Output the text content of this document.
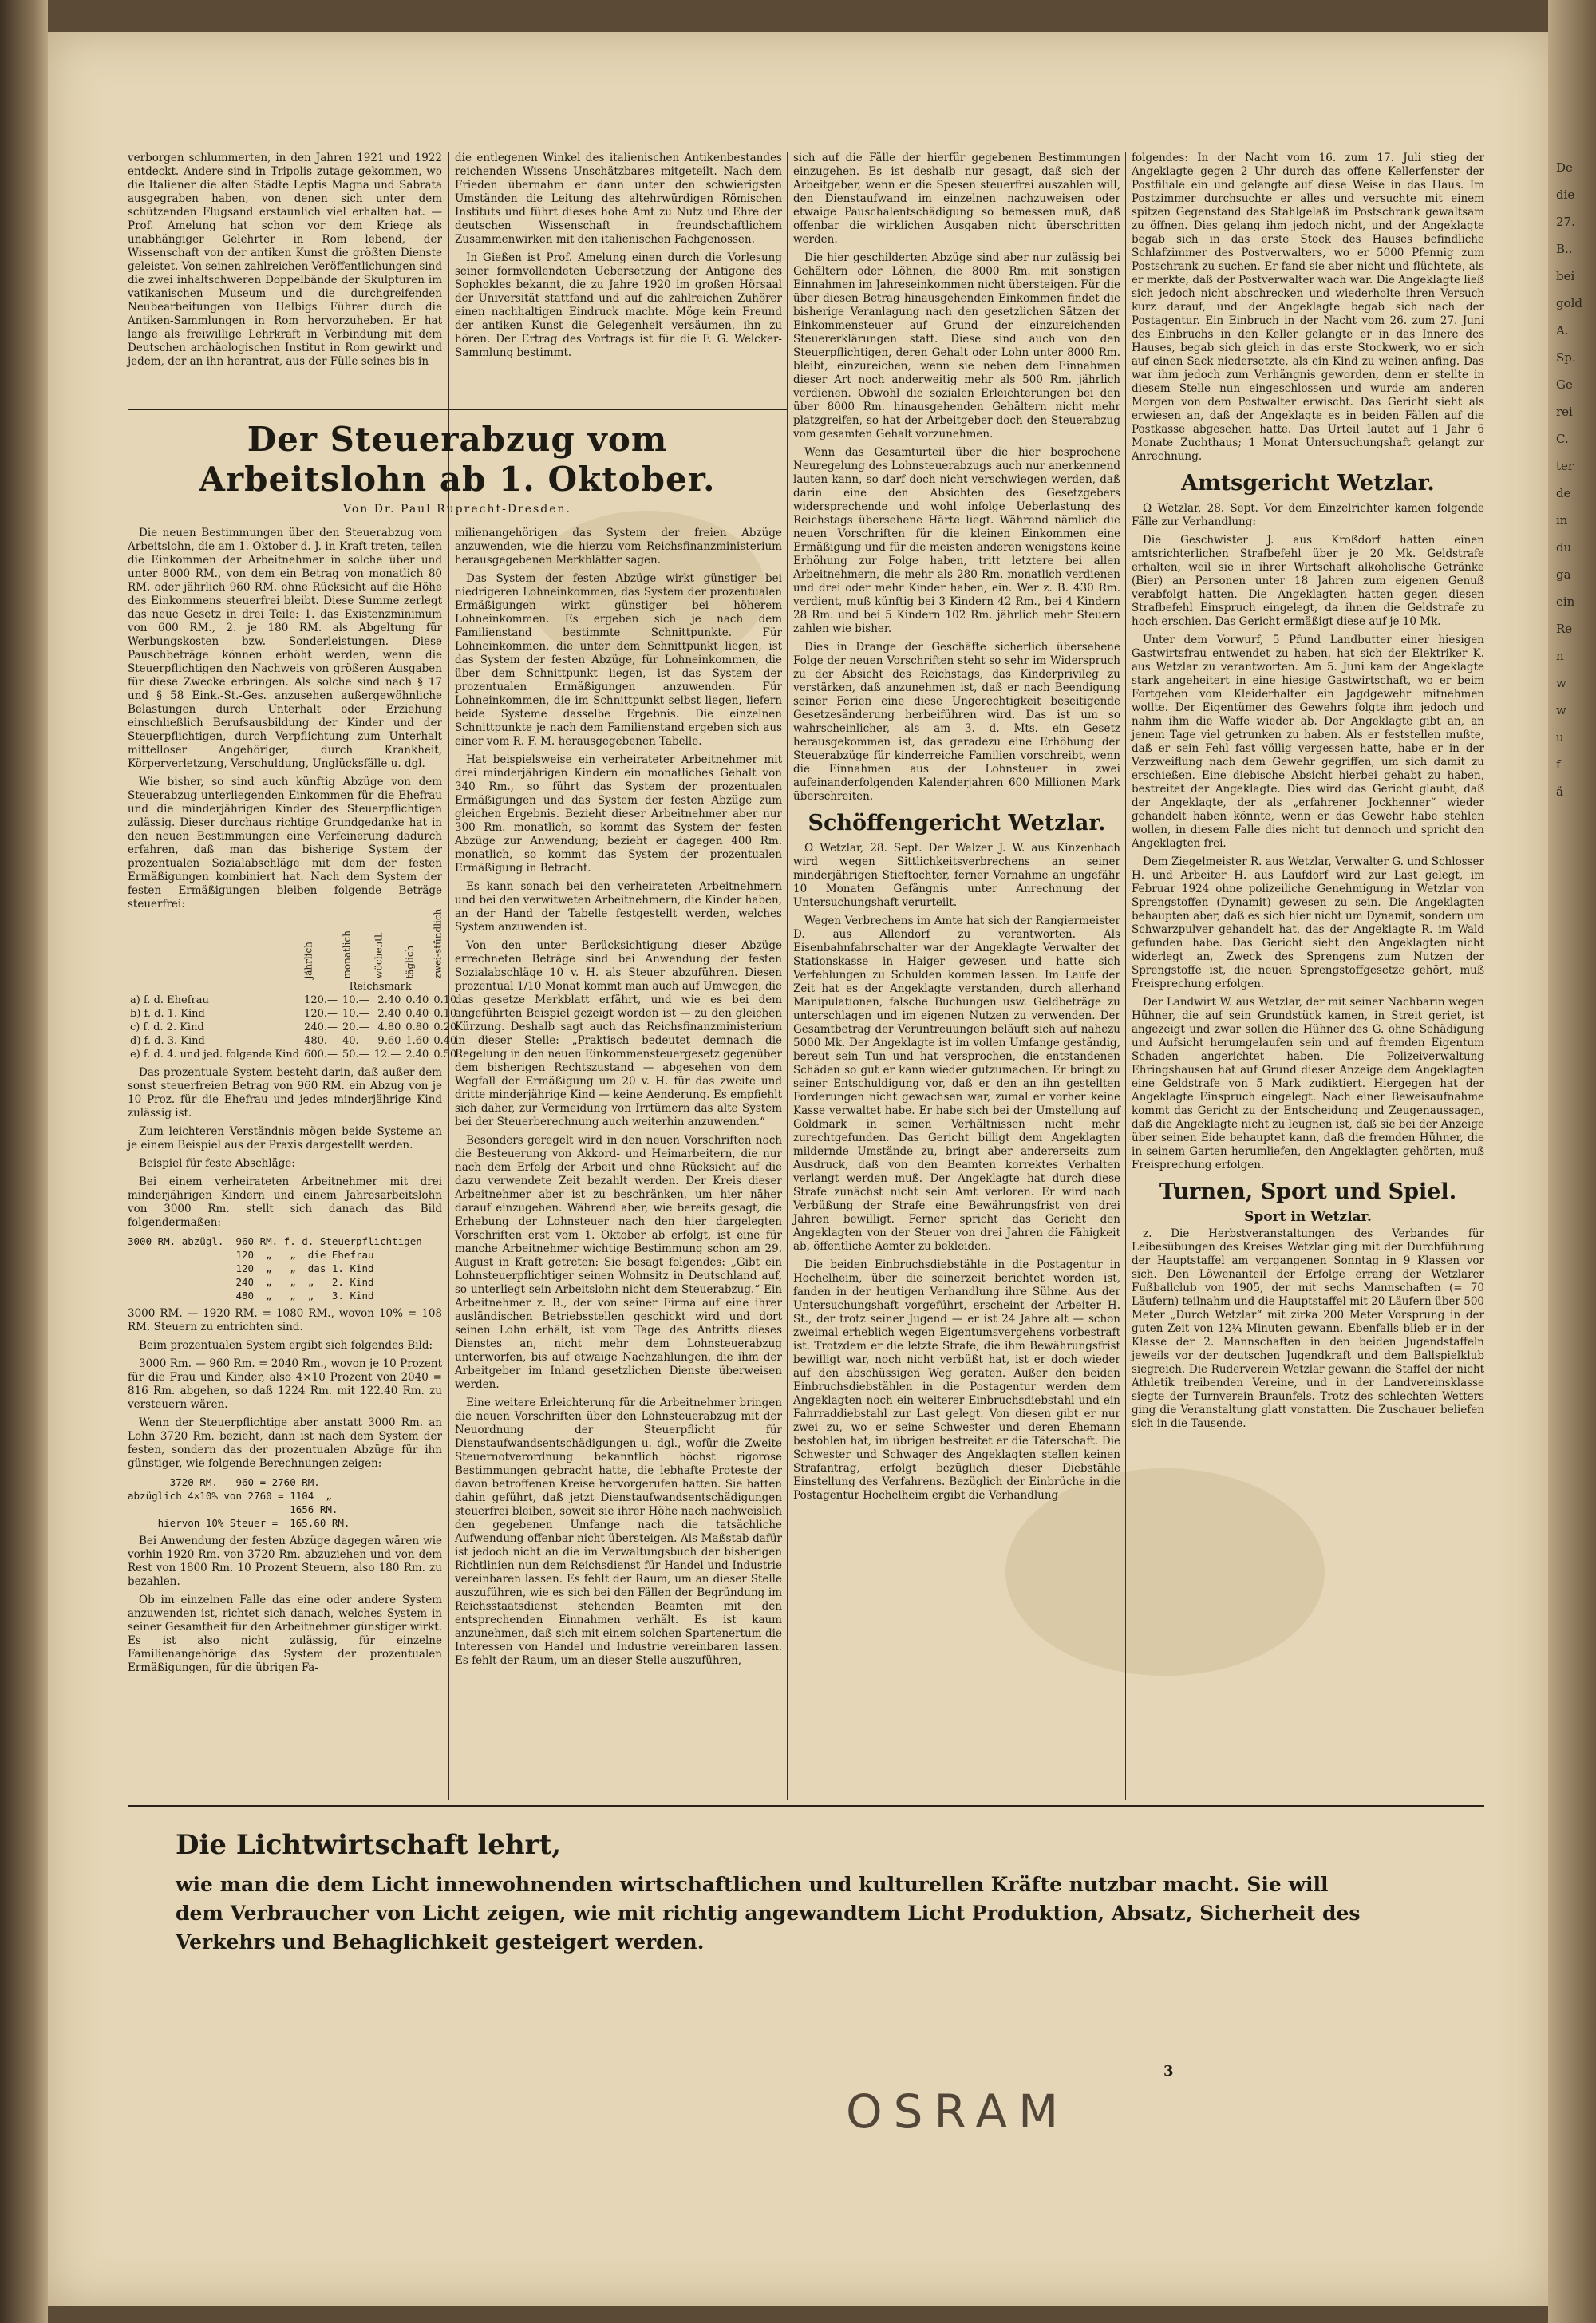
verborgen schlummerten, in den Jahren 1921 und 1922 entdeckt. Andere sind in Tripolis zutage gekommen, wo die Italiener die alten Städte Leptis Magna und Sabrata ausgegraben haben, von denen sich unter dem schützenden Flugsand erstaunlich viel erhalten hat. — Prof. Amelung hat schon vor dem Kriege als unabhängiger Gelehrter in Rom lebend, der Wissenschaft von der antiken Kunst die größten Dienste geleistet. Von seinen zahlreichen Veröffentlichungen sind die zwei inhaltschweren Doppelbände der Skulpturen im vatikanischen Museum und die durchgreifenden Neubearbeitungen von Helbigs Führer durch die Antiken-Sammlungen in Rom hervorzuheben. Er hat lange als freiwillige Lehrkraft in Verbindung mit dem Deutschen archäologischen Institut in Rom gewirkt und jedem, der an ihn herantrat, aus der Fülle seines bis in

die entlegenen Winkel des italienischen Antikenbestandes reichenden Wissens Unschätzbares mitgeteilt. Nach dem Frieden übernahm er dann unter den schwierigsten Umständen die Leitung des altehrwürdigen Römischen Instituts und führt dieses hohe Amt zu Nutz und Ehre der deutschen Wissenschaft in freundschaftlichem Zusammenwirken mit den italienischen Fachgenossen.

In Gießen ist Prof. Amelung einen durch die Vorlesung seiner formvollendeten Uebersetzung der Antigone des Sophokles bekannt, die zu Jahre 1920 im großen Hörsaal der Universität stattfand und auf die zahlreichen Zuhörer einen nachhaltigen Eindruck machte. Möge kein Freund der antiken Kunst die Gelegenheit versäumen, ihn zu hören. Der Ertrag des Vortrags ist für die F. G. Welcker-Sammlung bestimmt.

Der Steuerabzug vom Arbeitslohn ab 1. Oktober.
Von Dr. Paul Ruprecht-Dresden.

Die neuen Bestimmungen über den Steuerabzug vom Arbeitslohn, die am 1. Oktober d. J. in Kraft treten, teilen die Einkommen der Arbeitnehmer in solche über und unter 8000 RM., von dem ein Betrag von monatlich 80 RM. oder jährlich 960 RM. ohne Rücksicht auf die Höhe des Einkommens steuerfrei bleibt. Diese Summe zerlegt das neue Gesetz in drei Teile: 1. das Existenzminimum von 600 RM., 2. je 180 RM. als Abgeltung für Werbungskosten bzw. Sonderleistungen. Diese Pauschbeträge können erhöht werden, wenn die Steuerpflichtigen den Nachweis von größeren Ausgaben für diese Zwecke erbringen. Als solche sind nach § 17 und § 58 Eink.-St.-Ges. anzusehen außergewöhnliche Belastungen durch Unterhalt oder Erziehung einschließlich Berufsausbildung der Kinder und der Steuerpflichtigen, durch Verpflichtung zum Unterhalt mittelloser Angehöriger, durch Krankheit, Körperverletzung, Verschuldung, Unglücksfälle u. dgl.

Wie bisher, so sind auch künftig Abzüge von dem Steuerabzug unterliegenden Einkommen für die Ehefrau und die minderjährigen Kinder des Steuerpflichtigen zulässig. Dieser durchaus richtige Grundgedanke hat in den neuen Bestimmungen eine Verfeinerung dadurch erfahren, daß man das bisherige System der prozentualen Sozialabschläge mit dem der festen Ermäßigungen kombiniert hat. Nach dem System der festen Ermäßigungen bleiben folgende Beträge steuerfrei:

	jährlich	monatlich	wöchentl.	täglich	zwei-stündlich
	Reichsmark				
a) f. d. Ehefrau	120.—	10.—	2.40	0.40	0.10
b) f. d. 1. Kind	120.—	10.—	2.40	0.40	0.10
c) f. d. 2. Kind	240.—	20.—	4.80	0.80	0.20
d) f. d. 3. Kind	480.—	40.—	9.60	1.60	0.40
e) f. d. 4. und jed. folgende Kind	600.—	50.—	12.—	2.40	0.50

Das prozentuale System besteht darin, daß außer dem sonst steuerfreien Betrag von 960 RM. ein Abzug von je 10 Proz. für die Ehefrau und jedes minderjährige Kind zulässig ist.

Zum leichteren Verständnis mögen beide Systeme an je einem Beispiel aus der Praxis dargestellt werden.

Beispiel für feste Abschläge:

Bei einem verheirateten Arbeitnehmer mit drei minderjährigen Kindern und einem Jahresarbeitslohn von 3000 Rm. stellt sich danach das Bild folgendermaßen:

3000 RM. abzügl.  960 RM. f. d. Steuerpflichtigen
120  „   „  die Ehefrau
120  „   „  das 1. Kind
240  „   „  „   2. Kind
480  „   „  „   3. Kind

3000 RM. — 1920 RM. = 1080 RM., wovon 10% = 108 RM. Steuern zu entrichten sind.

Beim prozentualen System ergibt sich folgendes Bild:

3000 Rm. — 960 Rm. = 2040 Rm., wovon je 10 Prozent für die Frau und Kinder, also 4×10 Prozent von 2040 = 816 Rm. abgehen, so daß 1224 Rm. mit 122.40 Rm. zu versteuern wären.

Wenn der Steuerpflichtige aber anstatt 3000 Rm. an Lohn 3720 Rm. bezieht, dann ist nach dem System der festen, sondern das der prozentualen Abzüge für ihn günstiger, wie folgende Berechnungen zeigen:

3720 RM. — 960 = 2760 RM.
abzüglich 4×10% von 2760 = 1104  „
1656 RM.
hiervon 10% Steuer =  165,60 RM.

Bei Anwendung der festen Abzüge dagegen wären wie vorhin 1920 Rm. von 3720 Rm. abzuziehen und von dem Rest von 1800 Rm. 10 Prozent Steuern, also 180 Rm. zu bezahlen.

Ob im einzelnen Falle das eine oder andere System anzuwenden ist, richtet sich danach, welches System in seiner Gesamtheit für den Arbeitnehmer günstiger wirkt. Es ist also nicht zulässig, für einzelne Familienangehörige das System der prozentualen Ermäßigungen, für die übrigen Fa-

milienangehörigen das System der freien Abzüge anzuwenden, wie die hierzu vom Reichsfinanzministerium herausgegebenen Merkblätter sagen.

Das System der festen Abzüge wirkt günstiger bei niedrigeren Lohneinkommen, das System der prozentualen Ermäßigungen wirkt günstiger bei höherem Lohneinkommen. Es ergeben sich je nach dem Familienstand bestimmte Schnittpunkte. Für Lohneinkommen, die unter dem Schnittpunkt liegen, ist das System der festen Abzüge, für Lohneinkommen, die über dem Schnittpunkt liegen, ist das System der prozentualen Ermäßigungen anzuwenden. Für Lohneinkommen, die im Schnittpunkt selbst liegen, liefern beide Systeme dasselbe Ergebnis. Die einzelnen Schnittpunkte je nach dem Familienstand ergeben sich aus einer vom R. F. M. herausgegebenen Tabelle.

Hat beispielsweise ein verheirateter Arbeitnehmer mit drei minderjährigen Kindern ein monatliches Gehalt von 340 Rm., so führt das System der prozentualen Ermäßigungen und das System der festen Abzüge zum gleichen Ergebnis. Bezieht dieser Arbeitnehmer aber nur 300 Rm. monatlich, so kommt das System der festen Abzüge zur Anwendung; bezieht er dagegen 400 Rm. monatlich, so kommt das System der prozentualen Ermäßigung in Betracht.

Es kann sonach bei den verheirateten Arbeitnehmern und bei den verwitweten Arbeitnehmern, die Kinder haben, an der Hand der Tabelle festgestellt werden, welches System anzuwenden ist.

Von den unter Berücksichtigung dieser Abzüge errechneten Beträge sind bei Anwendung der festen Sozialabschläge 10 v. H. als Steuer abzuführen. Diesen prozentual 1/10 Monat kommt man auch auf Umwegen, die das gesetze Merkblatt erfährt, und wie es bei dem angeführten Beispiel gezeigt worden ist — zu den gleichen Kürzung. Deshalb sagt auch das Reichsfinanzministerium in dieser Stelle: „Praktisch bedeutet demnach die Regelung in den neuen Einkommensteuergesetz gegenüber dem bisherigen Rechtszustand — abgesehen von dem Wegfall der Ermäßigung um 20 v. H. für das zweite und dritte minderjährige Kind — keine Aenderung. Es empfiehlt sich daher, zur Vermeidung von Irrtümern das alte System bei der Steuerberechnung auch weiterhin anzuwenden.“

Besonders geregelt wird in den neuen Vorschriften noch die Besteuerung von Akkord- und Heimarbeitern, die nur nach dem Erfolg der Arbeit und ohne Rücksicht auf die dazu verwendete Zeit bezahlt werden. Der Kreis dieser Arbeitnehmer aber ist zu beschränken, um hier näher darauf einzugehen. Während aber, wie bereits gesagt, die Erhebung der Lohnsteuer nach den hier dargelegten Vorschriften erst vom 1. Oktober ab erfolgt, ist eine für manche Arbeitnehmer wichtige Bestimmung schon am 29. August in Kraft getreten: Sie besagt folgendes: „Gibt ein Lohnsteuerpflichtiger seinen Wohnsitz in Deutschland auf, so unterliegt sein Arbeitslohn nicht dem Steuerabzug.“ Ein Arbeitnehmer z. B., der von seiner Firma auf eine ihrer ausländischen Betriebsstellen geschickt wird und dort seinen Lohn erhält, ist vom Tage des Antritts dieses Dienstes an, nicht mehr dem Lohnsteuerabzug unterworfen, bis auf etwaige Nachzahlungen, die ihm der Arbeitgeber im Inland gesetzlichen Dienste überweisen werden.

Eine weitere Erleichterung für die Arbeitnehmer bringen die neuen Vorschriften über den Lohnsteuerabzug mit der Neuordnung der Steuerpflicht für Dienstaufwandsentschädigungen u. dgl., wofür die Zweite Steuernotverordnung bekanntlich höchst rigorose Bestimmungen gebracht hatte, die lebhafte Proteste der davon betroffenen Kreise hervorgerufen hatten. Sie hatten dahin geführt, daß jetzt Dienstaufwandsentschädigungen steuerfrei bleiben, soweit sie ihrer Höhe nach nachweislich den gegebenen Umfange nach die tatsächliche Aufwendung offenbar nicht übersteigen. Als Maßstab dafür ist jedoch nicht an die im Verwaltungsbuch der bisherigen Richtlinien nun dem Reichsdienst für Handel und Industrie vereinbaren lassen. Es fehlt der Raum, um an dieser Stelle auszuführen, wie es sich bei den Fällen der Begründung im Reichsstaatsdienst stehenden Beamten mit den entsprechenden Einnahmen verhält. Es ist kaum anzunehmen, daß sich mit einem solchen Spartenertum die Interessen von Handel und Industrie vereinbaren lassen. Es fehlt der Raum, um an dieser Stelle auszuführen,

sich auf die Fälle der hierfür gegebenen Bestimmungen einzugehen. Es ist deshalb nur gesagt, daß sich der Arbeitgeber, wenn er die Spesen steuerfrei auszahlen will, den Dienstaufwand im einzelnen nachzuweisen oder etwaige Pauschalentschädigung so bemessen muß, daß offenbar die wirklichen Ausgaben nicht überschritten werden.

Die hier geschilderten Abzüge sind aber nur zulässig bei Gehältern oder Löhnen, die 8000 Rm. mit sonstigen Einnahmen im Jahreseinkommen nicht übersteigen. Für die über diesen Betrag hinausgehenden Einkommen findet die bisherige Veranlagung nach den gesetzlichen Sätzen der Einkommensteuer auf Grund der einzureichenden Steuererklärungen statt. Diese sind auch von den Steuerpflichtigen, deren Gehalt oder Lohn unter 8000 Rm. bleibt, einzureichen, wenn sie neben dem Einnahmen dieser Art noch anderweitig mehr als 500 Rm. jährlich verdienen. Obwohl die sozialen Erleichterungen bei den über 8000 Rm. hinausgehenden Gehältern nicht mehr platzgreifen, so hat der Arbeitgeber doch den Steuerabzug vom gesamten Gehalt vorzunehmen.

Wenn das Gesamturteil über die hier besprochene Neuregelung des Lohnsteuerabzugs auch nur anerkennend lauten kann, so darf doch nicht verschwiegen werden, daß darin eine den Absichten des Gesetzgebers widersprechende und wohl infolge Ueberlastung des Reichstags übersehene Härte liegt. Während nämlich die neuen Vorschriften für die kleinen Einkommen eine Ermäßigung und für die meisten anderen wenigstens keine Erhöhung zur Folge haben, tritt letztere bei allen Arbeitnehmern, die mehr als 280 Rm. monatlich verdienen und drei oder mehr Kinder haben, ein. Wer z. B. 430 Rm. verdient, muß künftig bei 3 Kindern 42 Rm., bei 4 Kindern 28 Rm. und bei 5 Kindern 102 Rm. jährlich mehr Steuern zahlen wie bisher.

Dies in Drange der Geschäfte sicherlich übersehene Folge der neuen Vorschriften steht so sehr im Widerspruch zu der Absicht des Reichstags, das Kinderprivileg zu verstärken, daß anzunehmen ist, daß er nach Beendigung seiner Ferien eine diese Ungerechtigkeit beseitigende Gesetzesänderung herbeiführen wird. Das ist um so wahrscheinlicher, als am 3. d. Mts. ein Gesetz herausgekommen ist, das geradezu eine Erhöhung der Steuerabzüge für kinderreiche Familien vorschreibt, wenn die Einnahmen aus der Lohnsteuer in zwei aufeinanderfolgenden Kalenderjahren 600 Millionen Mark überschreiten.

Schöffengericht Wetzlar.

Ω Wetzlar, 28. Sept. Der Walzer J. W. aus Kinzenbach wird wegen Sittlichkeitsverbrechens an seiner minderjährigen Stieftochter, ferner Vornahme an ungefähr 10 Monaten Gefängnis unter Anrechnung der Untersuchungshaft verurteilt.

Wegen Verbrechens im Amte hat sich der Rangiermeister D. aus Allendorf zu verantworten. Als Eisenbahnfahrschalter war der Angeklagte Verwalter der Stationskasse in Haiger gewesen und hatte sich Verfehlungen zu Schulden kommen lassen. Im Laufe der Zeit hat es der Angeklagte verstanden, durch allerhand Manipulationen, falsche Buchungen usw. Geldbeträge zu unterschlagen und im eigenen Nutzen zu verwenden. Der Gesamtbetrag der Veruntreuungen beläuft sich auf nahezu 5000 Mk. Der Angeklagte ist im vollen Umfange geständig, bereut sein Tun und hat versprochen, die entstandenen Schäden so gut er kann wieder gutzumachen. Er bringt zu seiner Entschuldigung vor, daß er den an ihn gestellten Forderungen nicht gewachsen war, zumal er vorher keine Kasse verwaltet habe. Er habe sich bei der Umstellung auf Goldmark in seinen Verhältnissen nicht mehr zurechtgefunden. Das Gericht billigt dem Angeklagten mildernde Umstände zu, bringt aber andererseits zum Ausdruck, daß von den Beamten korrektes Verhalten verlangt werden muß. Der Angeklagte hat durch diese Strafe zunächst nicht sein Amt verloren. Er wird nach Verbüßung der Strafe eine Bewährungsfrist von drei Jahren bewilligt. Ferner spricht das Gericht den Angeklagten von der Steuer von drei Jahren die Fähigkeit ab, öffentliche Aemter zu bekleiden.

Die beiden Einbruchsdiebstähle in die Postagentur in Hochelheim, über die seinerzeit berichtet worden ist, fanden in der heutigen Verhandlung ihre Sühne. Aus der Untersuchungshaft vorgeführt, erscheint der Arbeiter H. St., der trotz seiner Jugend — er ist 24 Jahre alt — schon zweimal erheblich wegen Eigentumsvergehens vorbestraft ist. Trotzdem er die letzte Strafe, die ihm Bewährungsfrist bewilligt war, noch nicht verbüßt hat, ist er doch wieder auf den abschüssigen Weg geraten. Außer den beiden Einbruchsdiebstählen in die Postagentur werden dem Angeklagten noch ein weiterer Einbruchsdiebstahl und ein Fahrraddiebstahl zur Last gelegt. Von diesen gibt er nur zwei zu, wo er seine Schwester und deren Ehemann bestohlen hat, im übrigen bestreitet er die Täterschaft. Die Schwester und Schwager des Angeklagten stellen keinen Strafantrag, erfolgt bezüglich dieser Diebstähle Einstellung des Verfahrens. Bezüglich der Einbrüche in die Postagentur Hochelheim ergibt die Verhandlung

folgendes: In der Nacht vom 16. zum 17. Juli stieg der Angeklagte gegen 2 Uhr durch das offene Kellerfenster der Postfiliale ein und gelangte auf diese Weise in das Haus. Im Postzimmer durchsuchte er alles und versuchte mit einem spitzen Gegenstand das Stahlgelaß im Postschrank gewaltsam zu öffnen. Dies gelang ihm jedoch nicht, und der Angeklagte begab sich in das erste Stock des Hauses befindliche Schlafzimmer des Postverwalters, wo er 5000 Pfennig zum Postschrank zu suchen. Er fand sie aber nicht und flüchtete, als er merkte, daß der Postverwalter wach war. Die Angeklagte ließ sich jedoch nicht abschrecken und wiederholte ihren Versuch kurz darauf, und der Angeklagte begab sich nach der Postagentur. Ein Einbruch in der Nacht vom 26. zum 27. Juni des Einbruchs in den Keller gelangte er in das Innere des Hauses, begab sich gleich in das erste Stockwerk, wo er sich auf einen Sack niedersetzte, als ein Kind zu weinen anfing. Das war ihm jedoch zum Verhängnis geworden, denn er stellte in diesem Stelle nun eingeschlossen und wurde am anderen Morgen von dem Postwalter erwischt. Das Gericht sieht als erwiesen an, daß der Angeklagte es in beiden Fällen auf die Postkasse abgesehen hatte. Das Urteil lautet auf 1 Jahr 6 Monate Zuchthaus; 1 Monat Untersuchungshaft gelangt zur Anrechnung.

Amtsgericht Wetzlar.

Ω Wetzlar, 28. Sept. Vor dem Einzelrichter kamen folgende Fälle zur Verhandlung:

Die Geschwister J. aus Kroßdorf hatten einen amtsrichterlichen Strafbefehl über je 20 Mk. Geldstrafe erhalten, weil sie in ihrer Wirtschaft alkoholische Getränke (Bier) an Personen unter 18 Jahren zum eigenen Genuß verabfolgt hatten. Die Angeklagten hatten gegen diesen Strafbefehl Einspruch eingelegt, da ihnen die Geldstrafe zu hoch erschien. Das Gericht ermäßigt diese auf je 10 Mk.

Unter dem Vorwurf, 5 Pfund Landbutter einer hiesigen Gastwirtsfrau entwendet zu haben, hat sich der Elektriker K. aus Wetzlar zu verantworten. Am 5. Juni kam der Angeklagte stark angeheitert in eine hiesige Gastwirtschaft, wo er beim Fortgehen vom Kleiderhalter ein Jagdgewehr mitnehmen wollte. Der Eigentümer des Gewehrs folgte ihm jedoch und nahm ihm die Waffe wieder ab. Der Angeklagte gibt an, an jenem Tage viel getrunken zu haben. Als er feststellen mußte, daß er sein Fehl fast völlig vergessen hatte, habe er in der Verzweiflung nach dem Gewehr gegriffen, um sich damit zu erschießen. Eine diebische Absicht hierbei gehabt zu haben, bestreitet der Angeklagte. Dies wird das Gericht glaubt, daß der Angeklagte, der als „erfahrener Jockhenner“ wieder gehandelt haben könnte, wenn er das Gewehr habe stehlen wollen, in diesem Falle dies nicht tut dennoch und spricht den Angeklagten frei.

Dem Ziegelmeister R. aus Wetzlar, Verwalter G. und Schlosser H. und Arbeiter H. aus Laufdorf wird zur Last gelegt, im Februar 1924 ohne polizeiliche Genehmigung in Wetzlar von Sprengstoffen (Dynamit) gewesen zu sein. Die Angeklagten behaupten aber, daß es sich hier nicht um Dynamit, sondern um Schwarzpulver gehandelt hat, das der Angeklagte R. im Wald gefunden habe. Das Gericht sieht den Angeklagten nicht widerlegt an, Zweck des Sprengens zum Nutzen der Sprengstoffe ist, die neuen Sprengstoffgesetze gehört, muß Freisprechung erfolgen.

Der Landwirt W. aus Wetzlar, der mit seiner Nachbarin wegen Hühner, die auf sein Grundstück kamen, in Streit geriet, ist angezeigt und zwar sollen die Hühner des G. ohne Schädigung und Aufsicht herumgelaufen sein und auf fremden Eigentum Schaden angerichtet haben. Die Polizeiverwaltung Ehringshausen hat auf Grund dieser Anzeige dem Angeklagten eine Geldstrafe von 5 Mark zudiktiert. Hiergegen hat der Angeklagte Einspruch eingelegt. Nach einer Beweisaufnahme kommt das Gericht zu der Entscheidung und Zeugenaussagen, daß die Angeklagte nicht zu leugnen ist, daß sie bei der Anzeige über seinen Eide behauptet kann, daß die fremden Hühner, die in seinem Garten herumliefen, den Angeklagten gehörten, muß Freisprechung erfolgen.

Turnen, Sport und Spiel.
Sport in Wetzlar.

z. Die Herbstveranstaltungen des Verbandes für Leibesübungen des Kreises Wetzlar ging mit der Durchführung der Hauptstaffel am vergangenen Sonntag in 9 Klassen vor sich. Den Löwenanteil der Erfolge errang der Wetzlarer Fußballclub von 1905, der mit sechs Mannschaften (= 70 Läufern) teilnahm und die Hauptstaffel mit 20 Läufern über 500 Meter „Durch Wetzlar“ mit zirka 200 Meter Vorsprung in der guten Zeit von 12¼ Minuten gewann. Ebenfalls blieb er in der Klasse der 2. Mannschaften in den beiden Jugendstaffeln jeweils vor der deutschen Jugendkraft und dem Ballspielklub siegreich. Die Ruderverein Wetzlar gewann die Staffel der nicht Athletik treibenden Vereine, und in der Landvereinsklasse siegte der Turnverein Braunfels. Trotz des schlechten Wetters ging die Veranstaltung glatt vonstatten. Die Zuschauer beliefen sich in die Tausende.

Die Lichtwirtschaft lehrt,
wie man die dem Licht innewohnenden wirtschaftlichen und kulturellen Kräfte nutzbar macht. Sie will dem Verbraucher von Licht zeigen, wie mit richtig angewandtem Licht Produktion, Absatz, Sicherheit des Verkehrs und Behaglichkeit gesteigert werden.
3
OSRAM
De
die
27.
B..
bei
gold
A.
Sp.
Ge
rei
C.
ter
de
in
du
ga
ein
Re
n
w
w
u
f
ä
